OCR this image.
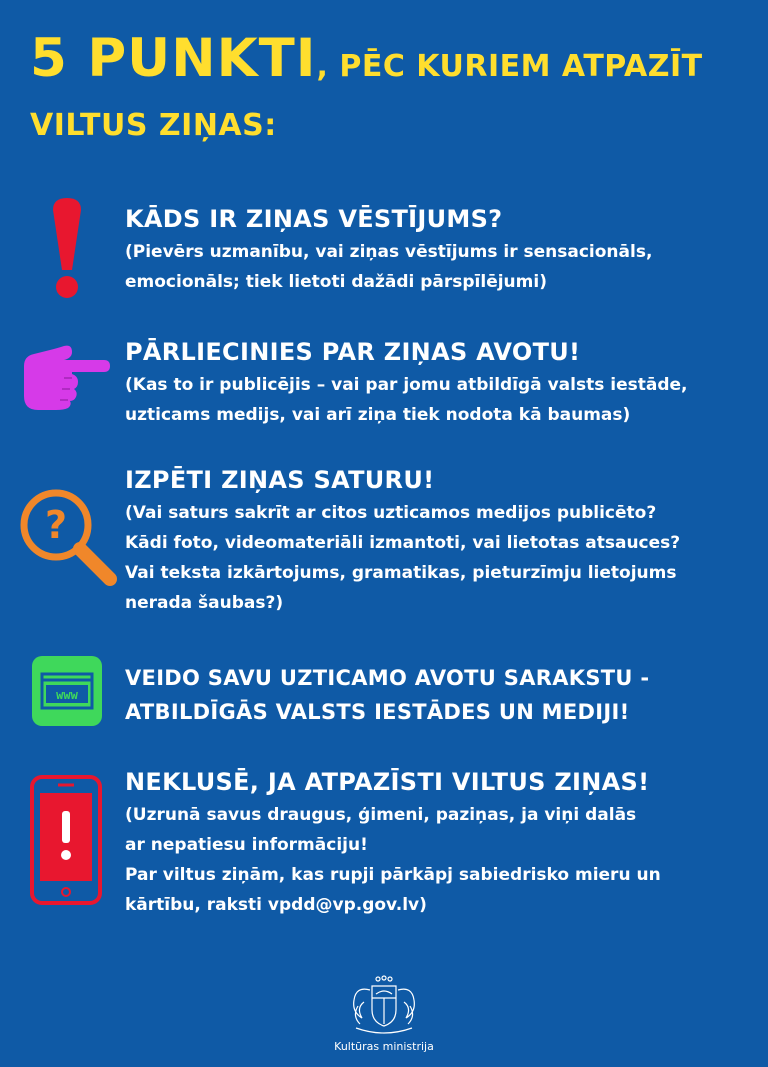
5 PUNKTI, PĒC KURIEM ATPAZĪT
VILTUS ZIŅAS:
KĀDS IR ZIŅAS VĒSTĪJUMS?
(Pievērs uzmanību, vai ziņas vēstījums ir sensacionāls,
emocionāls; tiek lietoti dažādi pārspīlējumi)
PĀRLIECINIES PAR ZIŅAS AVOTU!
(Kas to ir publicējis – vai par jomu atbildīgā valsts iestāde,
uzticams medijs, vai arī ziņa tiek nodota kā baumas)
?
IZPĒTI ZIŅAS SATURU!
(Vai saturs sakrīt ar citos uzticamos medijos publicēto?
Kādi foto, videomateriāli izmantoti, vai lietotas atsauces?
Vai teksta izkārtojums, gramatikas, pieturzīmju lietojums
nerada šaubas?)
www
VEIDO SAVU UZTICAMO AVOTU SARAKSTU -
ATBILDĪGĀS VALSTS IESTĀDES UN MEDIJI!
NEKLUSĒ, JA ATPAZĪSTI VILTUS ZIŅAS!
(Uzrunā savus draugus, ģimeni, paziņas, ja viņi dalās
ar nepatiesu informāciju!
Par viltus ziņām, kas rupji pārkāpj sabiedrisko mieru un
kārtību, raksti vpdd@vp.gov.lv)
Kultūras ministrija
